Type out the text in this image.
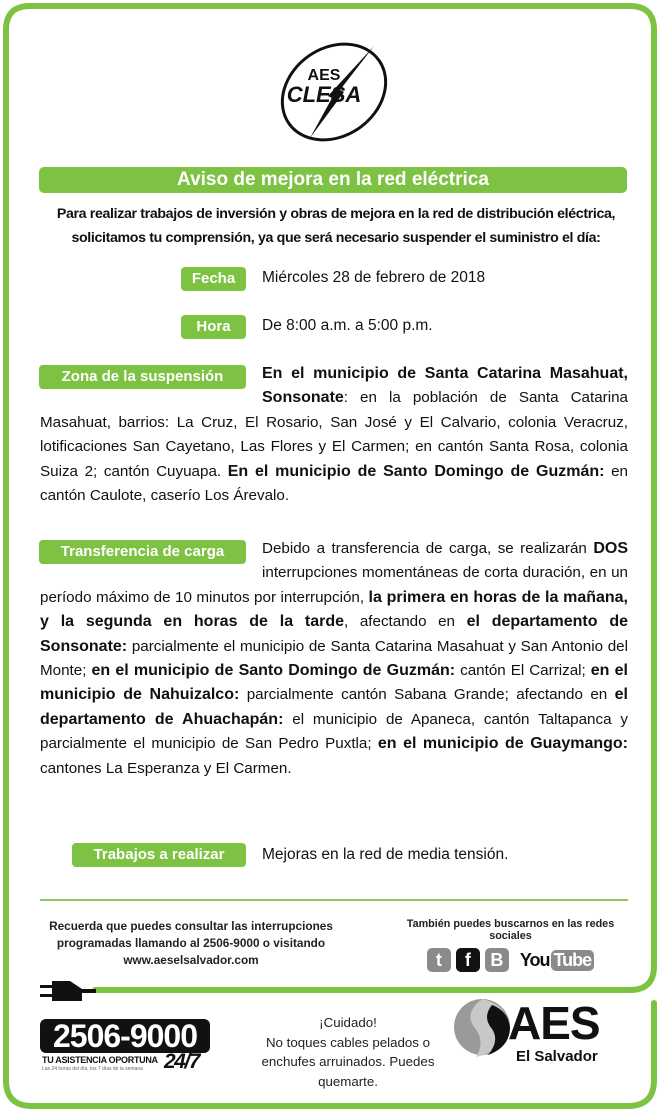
AES
CLESA
Aviso de mejora en la red eléctrica
Para realizar trabajos de inversión y obras de mejora en la red de distribución eléctrica, solicitamos tu comprensión, ya que será necesario suspender el suministro el día:
Fecha	Miércoles 28 de febrero de 2018
Hora	De 8:00 a.m. a 5:00 p.m.
Zona de la suspensión	En el municipio de Santa Catarina Masahuat, Sonsonate: en la población de Santa Catarina Masahuat, barrios: La Cruz, El Rosario, San José y El Calvario, colonia Veracruz, lotificaciones San Cayetano, Las Flores y El Carmen; en cantón Santa Rosa, colonia Suiza 2; cantón Cuyuapa. En el municipio de Santo Domingo de Guzmán: en cantón Caulote, caserío Los Árevalo.
Transferencia de carga	Debido a transferencia de carga, se realizarán DOS interrupciones momentáneas de corta duración, en un período máximo de 10 minutos por interrupción, la primera en horas de la mañana, y la segunda en horas de la tarde, afectando en el departamento de Sonsonate: parcialmente el municipio de Santa Catarina Masahuat y San Antonio del Monte; en el municipio de Santo Domingo de Guzmán: cantón El Carrizal; en el municipio de Nahuizalco: parcialmente cantón Sabana Grande; afectando en el departamento de Ahuachapán: el municipio de Apaneca, cantón Taltapanca y parcialmente el municipio de San Pedro Puxtla; en el municipio de Guaymango: cantones La Esperanza y El Carmen.
Trabajos a realizar	Mejoras en la red de media tensión.
Recuerda que puedes consultar las interrupciones
programadas llamando al 2506-9000 o visitando
www.aeselsalvador.com
También puedes buscarnos en las redes sociales
t f B You Tube
2506-9000
TU ASISTENCIA OPORTUNA
Las 24 horas del día, los 7 días de la semana 24/7
¡Cuidado!
No toques cables pelados o
enchufes arruinados. Puedes
quemarte.
AES
El Salvador
